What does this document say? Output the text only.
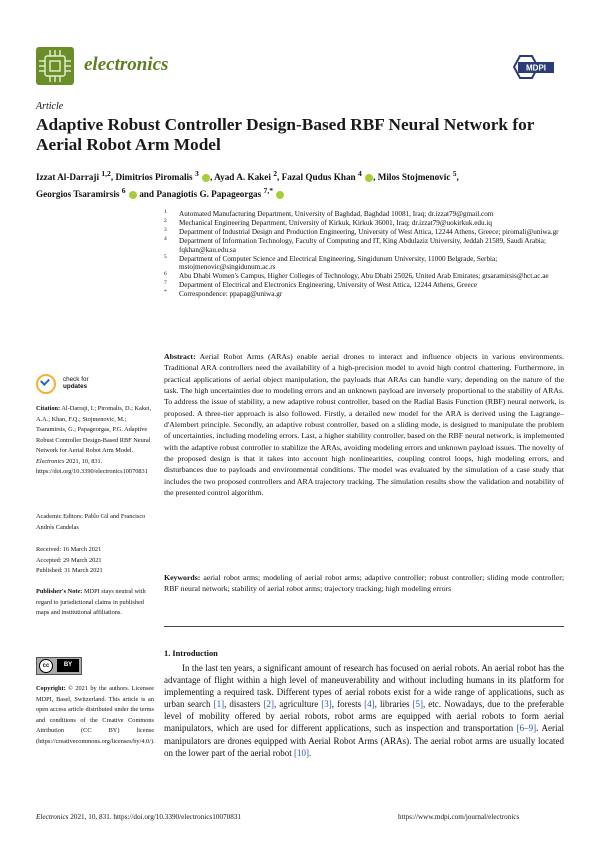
electronics	MDPI
Article
Adaptive Robust Controller Design-Based RBF Neural Network for Aerial Robot Arm Model
Izzat Al-Darraji $^{1,2}$, Dimitrios Piromalis $^3$ , Ayad A. Kakei $^2$, Fazal Qudus Khan $^4$ , Milos Stojmenovic $^5$,
Georgios Tsaramirsis $^6$  and Panagiotis G. Papageorgas $^{7,*}$
1 Automated Manufacturing Department, University of Baghdad, Baghdad 10081, Iraq; dr.izzat79@gmail.com
2 Mechanical Engineering Department, University of Kirkuk, Kirkuk 36001, Iraq; dr.izzat79@uokirkuk.edu.iq
3 Department of Industrial Design and Production Engineering, University of West Attica, 12244 Athens, Greece; piromali@uniwa.gr
4 Department of Information Technology, Faculty of Computing and IT, King Abdulaziz University, Jeddah 21589, Saudi Arabia; fqkhan@kau.edu.sa
5 Department of Computer Science and Electrical Engineering, Singidunum University, 11000 Belgrade, Serbia; mstojmenovic@singidunum.ac.rs
6 Abu Dhabi Women's Campus, Higher Colleges of Technology, Abu Dhabi 25026, United Arab Emirates; gtsaramirsis@hct.ac.ae
7 Department of Electrical and Electronics Engineering, University of West Attica, 12244 Athens, Greece
* Correspondence: ppapag@uniwa.gr
Abstract: Aerial Robot Arms (ARAs) enable aerial drones to interact and influence objects in various environments. Traditional ARA controllers need the availability of a high-precision model to avoid high control chattering. Furthermore, in practical applications of aerial object manipulation, the payloads that ARAs can handle vary, depending on the nature of the task. The high uncertainties due to modeling errors and an unknown payload are inversely proportional to the stability of ARAs. To address the issue of stability, a new adaptive robust controller, based on the Radial Basis Function (RBF) neural network, is proposed. A three-tier approach is also followed. Firstly, a detailed new model for the ARA is derived using the Lagrange–d'Alembert principle. Secondly, an adaptive robust controller, based on a sliding mode, is designed to manipulate the problem of uncertainties, including modeling errors. Last, a higher stability controller, based on the RBF neural network, is implemented with the adaptive robust controller to stabilize the ARAs, avoiding modeling errors and unknown payload issues. The novelty of the proposed design is that it takes into account high nonlinearities, coupling control loops, high modeling errors, and disturbances due to payloads and environmental conditions. The model was evaluated by the simulation of a case study that includes the two proposed controllers and ARA trajectory tracking. The simulation results show the validation and notability of the presented control algorithm.
Keywords: aerial robot arms; modeling of aerial robot arms; adaptive controller; robust controller; sliding mode controller; RBF neural network; stability of aerial robot arms; trajectory tracking; high modeling errors
check for
updates
Citation: Al-Darraji, I.; Piromalis, D.; Kakei, A.A.; Khan, F.Q.; Stojmenovic, M.; Tsaramirsis, G.; Papageorgas, P.G. Adaptive Robust Controller Design-Based RBF Neural Network for Aerial Robot Arm Model. Electronics 2021, 10, 831. https://doi.org/10.3390/electronics10070831
Academic Editors: Pablo Gil and Francisco Andrés Candelas
Received: 16 March 2021
Accepted: 29 March 2021
Published: 31 March 2021
Publisher's Note: MDPI stays neutral with regard to jurisdictional claims in published maps and institutional affiliations.
cc	BY
Copyright: © 2021 by the authors. Licensee MDPI, Basel, Switzerland. This article is an open access article distributed under the terms and conditions of the Creative Commons Attribution (CC BY) license (https://creativecommons.org/licenses/by/4.0/).
1. Introduction
  In the last ten years, a significant amount of research has focused on aerial robots. An aerial robot has the advantage of flight within a high level of maneuverability and without including humans in its platform for implementing a required task. Different types of aerial robots exist for a wide range of applications, such as urban search [1], disasters [2], agriculture [3], forests [4], libraries [5], etc. Nowadays, due to the preferable level of mobility offered by aerial robots, robot arms are equipped with aerial robots to form aerial manipulators, which are used for different applications, such as inspection and transportation [6–9]. Aerial manipulators are drones equipped with Aerial Robot Arms (ARAs). The aerial robot arms are usually located on the lower part of the aerial robot [10].
Electronics 2021, 10, 831. https://doi.org/10.3390/electronics10070831	https://www.mdpi.com/journal/electronics
